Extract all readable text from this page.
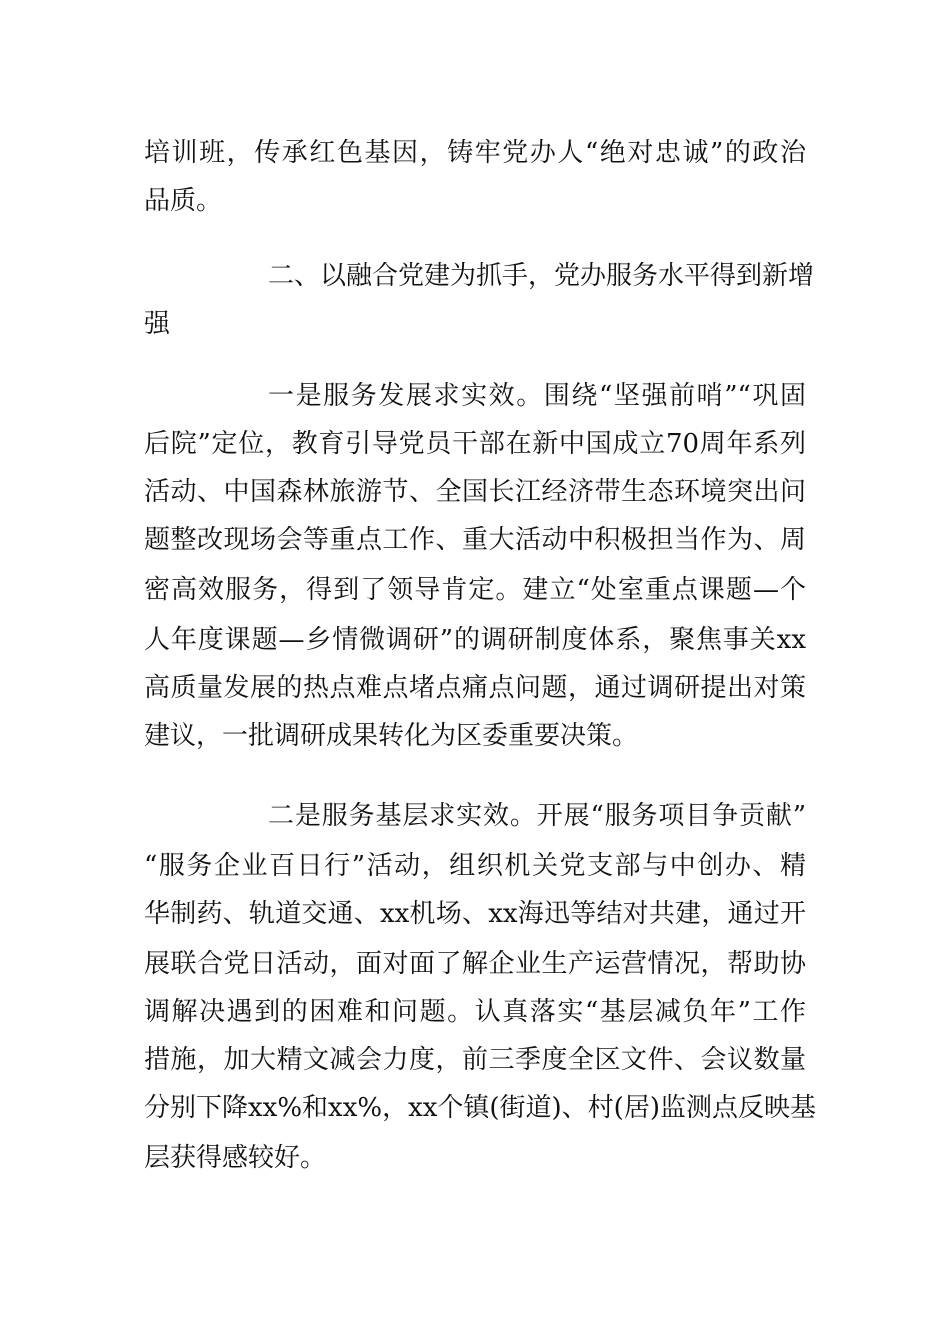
培训班，传承红色基因，铸牢党办人“绝对忠诚”的政治
品质。
二、以融合党建为抓手，党办服务水平得到新增
强
一是服务发展求实效。围绕“坚强前哨”“巩固
后院”定位，教育引导党员干部在新中国成立70周年系列
活动、中国森林旅游节、全国长江经济带生态环境突出问
题整改现场会等重点工作、重大活动中积极担当作为、周
密高效服务，得到了领导肯定。建立“处室重点课题—个
人年度课题—乡情微调研”的调研制度体系，聚焦事关xx
高质量发展的热点难点堵点痛点问题，通过调研提出对策
建议，一批调研成果转化为区委重要决策。
二是服务基层求实效。开展“服务项目争贡献”
“服务企业百日行”活动，组织机关党支部与中创办、精
华制药、轨道交通、xx机场、xx海迅等结对共建，通过开
展联合党日活动，面对面了解企业生产运营情况，帮助协
调解决遇到的困难和问题。认真落实“基层减负年”工作
措施，加大精文减会力度，前三季度全区文件、会议数量
分别下降xx%和xx%，xx个镇(街道)、村(居)监测点反映基
层获得感较好。
